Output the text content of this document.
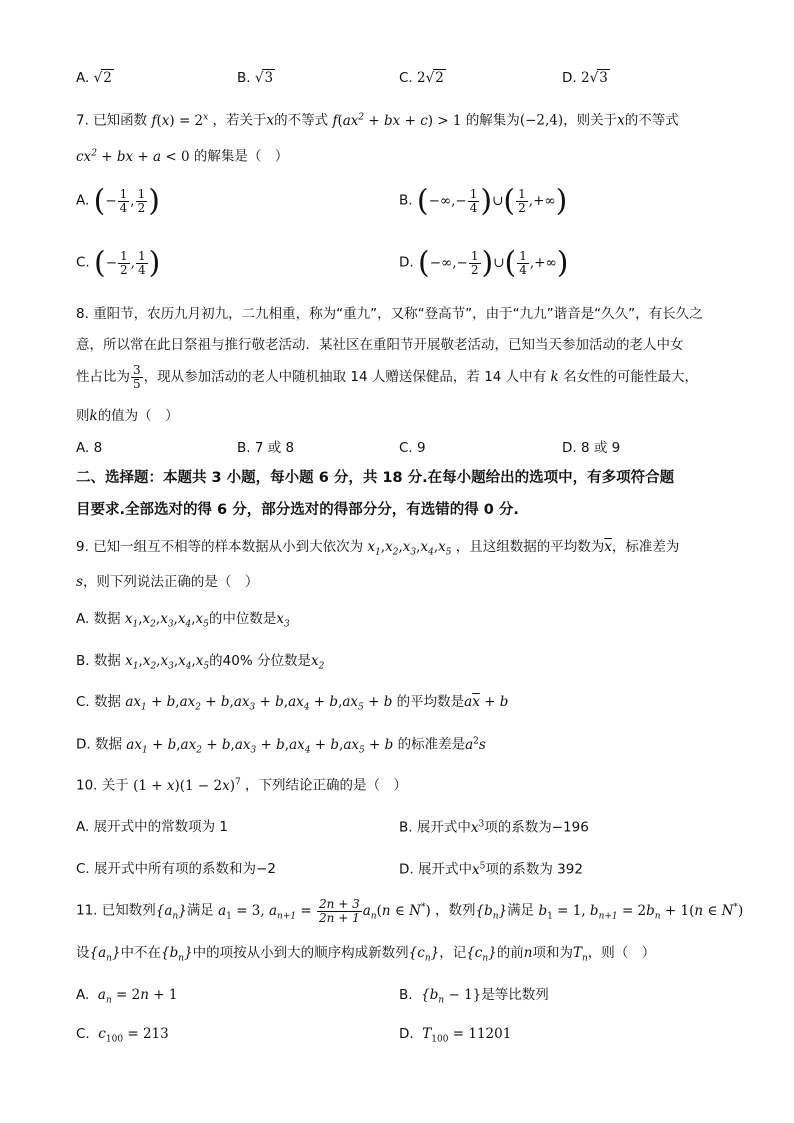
A. √2	B. √3	C. 2√2	D. 2√3
7. 已知函数 $f(x) = 2^x$ ，若关于x的不等式 $f(ax^2$ + bx + c) > 1 的解集为(−2,4)，则关于x的不等式
$cx^2$ + bx + a < 0 的解集是（　）
A. (− $\frac{1}{4}$ , $\frac{1}{2}$ )	B. (−∞,− $\frac{1}{4}$ )∪( $\frac{1}{2}$ ,+∞)
C. (− $\frac{1}{2}$ , $\frac{1}{4}$ )	D. (−∞,− $\frac{1}{2}$ )∪( $\frac{1}{4}$ ,+∞)
8. 重阳节，农历九月初九，二九相重，称为“重九”，又称“登高节”，由于“九九”谐音是“久久”，有长久之
意，所以常在此日祭祖与推行敬老活动．某社区在重阳节开展敬老活动，已知当天参加活动的老人中女
性占比为 $\frac{3}{5}$ ，现从参加活动的老人中随机抽取 14 人赠送保健品，若 14 人中有 k 名女性的可能性最大，
则k的值为（　）
A. 8	B. 7 或 8	C. 9	D. 8 或 9
二、选择题：本题共 3 小题，每小题 6 分，共 18 分.在每小题给出的选项中，有多项符合题
目要求.全部选对的得 6 分，部分选对的得部分分，有选错的得 0 分.
9. 已知一组互不相等的样本数据从小到大依次为 $x_1,x_2,x_3,x_4,x_5$ ，且这组数据的平均数为$\overline{x}$，标准差为
s，则下列说法正确的是（　）
A. 数据 $x_1,x_2,x_3,x_4,x_5$的中位数是$x_3$
B. 数据 $x_1,x_2,x_3,x_4,x_5$的40% 分位数是$x_2$
C. 数据 $ax_1 + b,ax_2 + b,ax_3 + b,ax_4 + b,ax_5 + b$ 的平均数是$a\overline{x} + b$
D. 数据 $ax_1 + b,ax_2 + b,ax_3 + b,ax_4 + b,ax_5 + b$ 的标准差是$a^2s$
10. 关于 $(1 + x)(1 - 2x)^7$ ，下列结论正确的是（　）
A. 展开式中的常数项为 1	B. 展开式中$x^3$项的系数为−196
C. 展开式中所有项的系数和为−2	D. 展开式中$x^5$项的系数为 392
11. 已知数列$\{a_n\}$满足 $a_1 = 3$, $a_{n+1} = \frac{2n + 3}{2n + 1} a_n(n$ ∈ N*) ，数列$\{b_n\}$满足 $b_1 = 1$, $b_{n+1} = 2b_n + 1(n$ ∈ N*)
设$\{a_n\}$中不在$\{b_n\}$中的项按从小到大的顺序构成新数列$\{c_n\}$，记$\{c_n\}$的前n项和为$T_n$，则（　）
A.  $a_n = 2n + 1$	B.  $\{b_n - 1\}$是等比数列
C.  $c_{100} = 213$	D.  $T_{100} = 11201$
